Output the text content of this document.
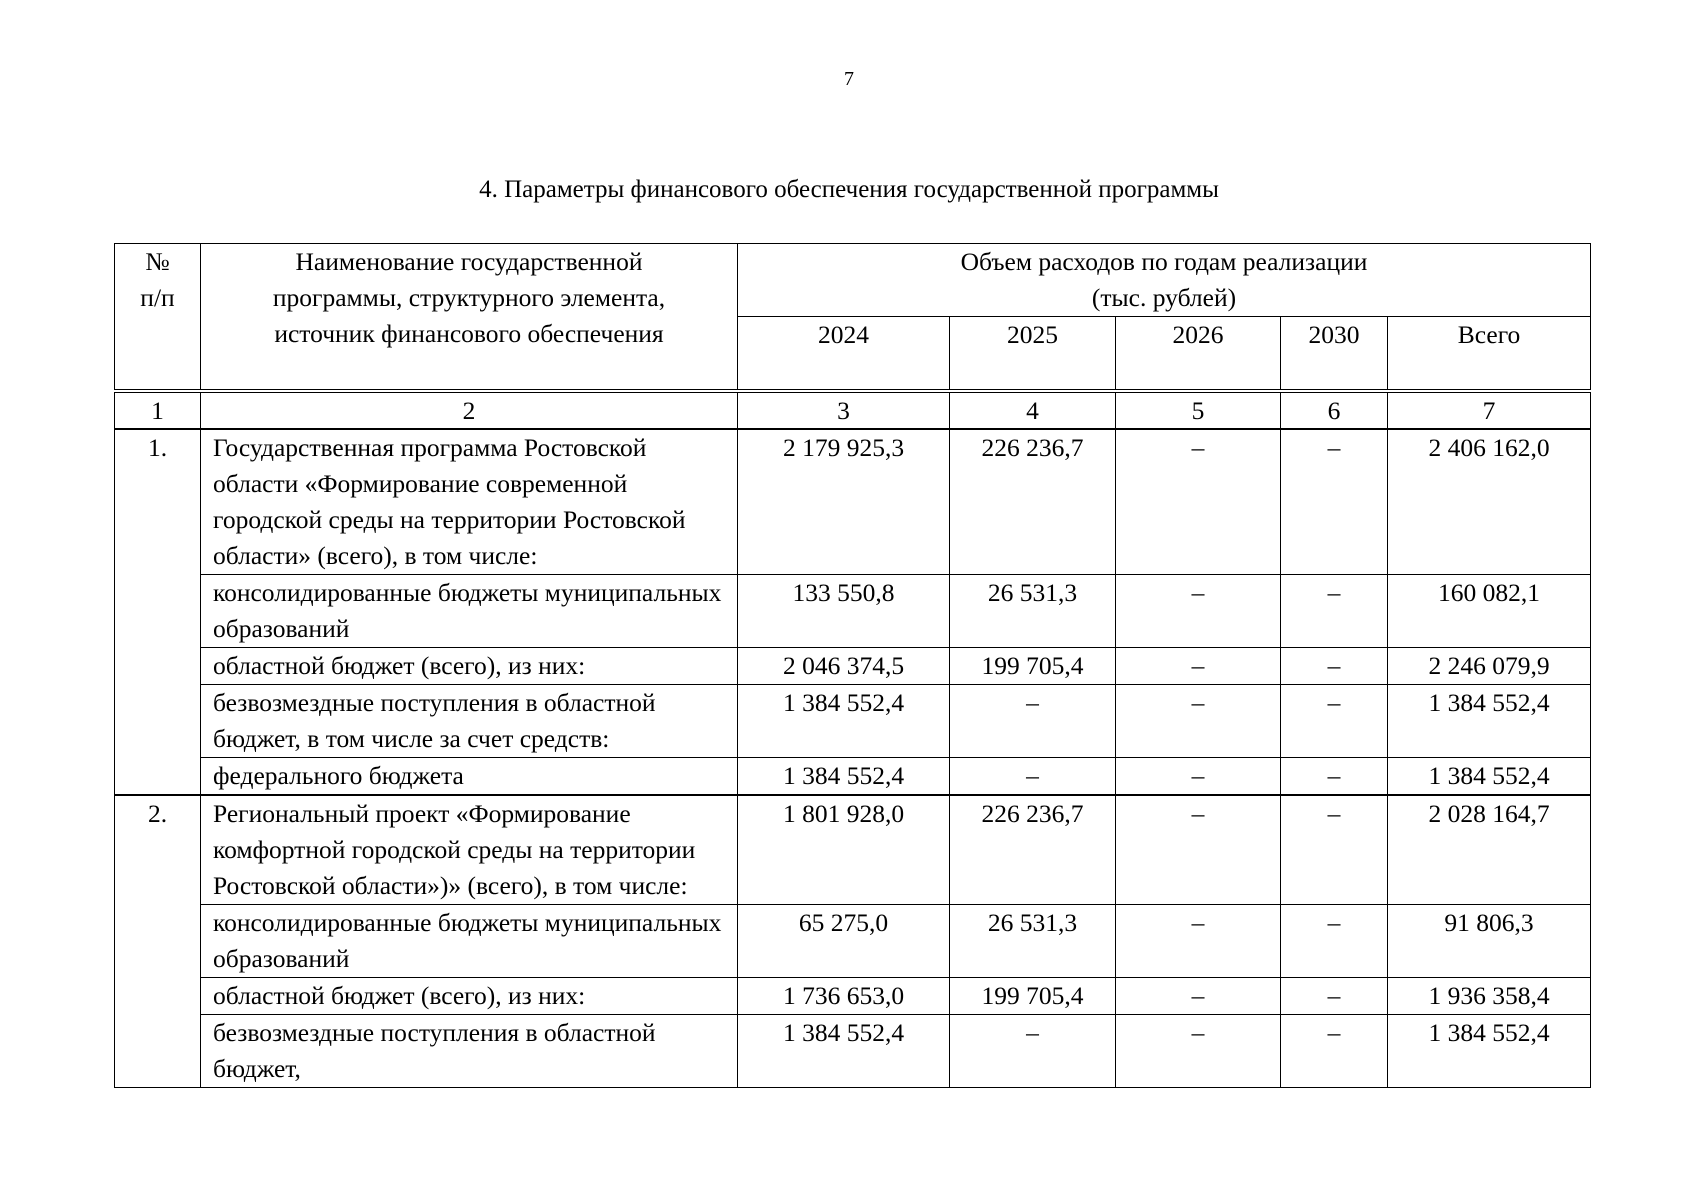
7
4. Параметры финансового обеспечения государственной программы
№ п/п	Наименование государственной программы, структурного элемента, источник финансового обеспечения	Объем расходов по годам реализации (тыс. рублей)				
		2024	2025	2026	2030	Всего
1	2	3	4	5	6	7
1.	Государственная программа Ростовской области «Формирование современной городской среды на территории Ростовской области» (всего), в том числе:	2 179 925,3	226 236,7	–	–	2 406 162,0
	консолидированные бюджеты муниципальных образований	133 550,8	26 531,3	–	–	160 082,1
	областной бюджет (всего), из них:	2 046 374,5	199 705,4	–	–	2 246 079,9
	безвозмездные поступления в областной бюджет, в том числе за счет средств:	1 384 552,4	–	–	–	1 384 552,4
	федерального бюджета	1 384 552,4	–	–	–	1 384 552,4
2.	Региональный проект «Формирование комфортной городской среды на территории Ростовской области»)» (всего), в том числе:	1 801 928,0	226 236,7	–	–	2 028 164,7
	консолидированные бюджеты муниципальных образований	65 275,0	26 531,3	–	–	91 806,3
	областной бюджет (всего), из них:	1 736 653,0	199 705,4	–	–	1 936 358,4
	безвозмездные поступления в областной бюджет,	1 384 552,4	–	–	–	1 384 552,4
